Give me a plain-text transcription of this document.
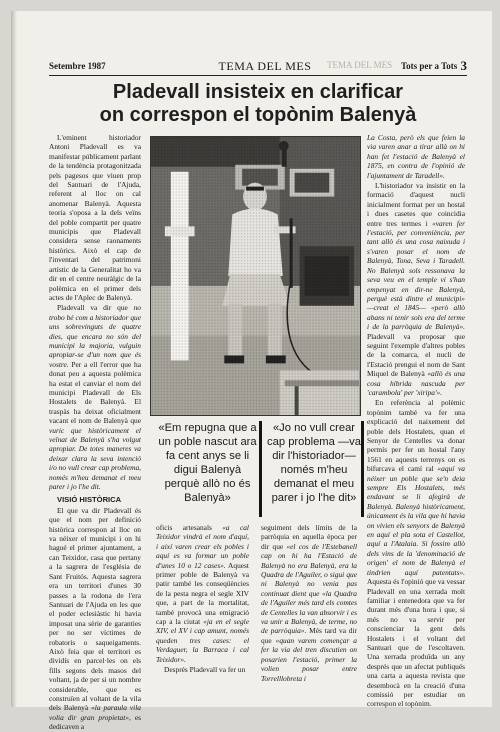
Setembre 1987	TEMA DEL MES	TEMA DEL MES Tots per a Tots 3
Pladevall insisteix en clarificar
on correspon el topònim Balenyà

L'eminent historiador Antoni Pladevall es va manifestar públicament parlant de la tendència protagonitzada pels pagesos que viuen prop del Santuari de l'Ajuda, referent al lloc on cal anomenar Balenyà. Aquesta teoria s'oposa a la dels veïns del poble compartit per quatre municipis que Pladevall considera sense raonaments històrics. Això el cap de l'inventari del patrimoni artístic de la Generalitat ho va dir en el centre neuràlgic de la polèmica en el primer dels actes de l'Aplec de Balenyà.

Pladevall va dir que no trobo bé com a historiador que uns sobrevinguts de quatre dies, que encara no són del municipi la majoria, vulguin apropiar-se d'un nom que és vostre. Per a ell l'error que ha donat peu a aquesta polèmica ha estat el canviar el nom del municipi Pladevall de Els Hostalets de Balenyà. El traspàs ha deixat oficialment vacant el nom de Balenyà que vuric que històricament el veïnat de Balenyà s'ha volgut apropiar. De totes maneres va deixar clara la seva intenció i/o no vull crear cap problema, només m'heu demanat el meu parer i jo l'he dit.

VISIÓ HISTÒRICA

El que va dir Pladevall és que el nom per definició històrica correspon al lloc on va néixer el municipi i on hi hagué el primer ajuntament, a can Teixidor, casa que pertany a la sagrera de l'església de Sant Fruitós. Aquesta sagrera era un territori d'unes 30 passes a la rodona de l'era Santuari de l'Ajuda en les que el poder eclesiàstic hi havia imposat una sèrie de garanties per no ser víctimes de robatoris o saqueigaments. Això feia que el territori es dividís en parcel·les on els fills segons dels masos del voltant, ja de per si un nombre considerable, que es construïen al voltant de la vila dels Balenyà «la paraula vila volia dir gran propietat», es dedicaven a

«Em repugna que a un poble nascut ara fa cent anys se li digui Balenyà perquè allò no és Balenyà»
«Jo no vull crear cap problema —va dir l'historiador— només m'heu demanat el meu parer i jo l'he dit»

oficis artesanals «a cal Teixidor vindrà el nom d'aquí, i així varen crear els pobles i aquí es va formar un poble d'unes 10 o 12 cases». Aquest primer poble de Balenyà va patir també les conseqüències de la pesta negra el segle XIV que, a part de la mortalitat, també provocà una emigració cap a la ciutat «ja en el segle XIV, el XV i cap amunt, només queden tres cases: el Verdaguer, la Barraca i cal Teixidor».

Després Pladevall va fer un

seguiment dels límits de la parròquia en aquella època per dir que «el cos de l'Estebanell cap on hi ha l'Estació de Balenyà no era Balenyà, era la Quadra de l'Aguiler, o sigui que ni Balenyà no venia pas continuat dient que «la Quadra de l'Aguiler més tard els comtes de Centelles la van absorvir i es va unir a Balenyà, de terme, no de parròquia». Més tard va dir que «quan varem començar a fer la via del tren discutien on posarien l'estació, primer la volien posar entre Torrelllobreta i

La Costa, però els que feien la via varen anar a tirar allà on hi han fet l'estació de Balenyà el 1875, en contra de l'opinió de l'ajuntament de Taradell».

L'historiador va insistir en la formació d'aquest nucli inicialment format per un hostal i dues casetes que coincidia entre tres termes i «varen fer l'estació, per conveniència, per tant allò és una cosa naixuda i s'varen posar el nom de Balenyà, Tona, Seva i Taradell. No Balenyà sols ressonava la seva veu en el temple vi s'han empenyat en dir-ne Balenyà, perquè està dintre el municipi» —creat el 1845— «però allò abans ni tenir sols era del terme i de la parròquia de Balenyà». Pladevall va proposar que seguint l'exemple d'altres pobles de la comarca, el nucli de l'Estació prengui el nom de Sant Miquel de Balenyà «allò és una cosa híbrida nascuda per 'carambola' per 'xiripa'».

En referència al polèmic topònim també va fer una explicació del naixement del poble dels Hostalets, quan el Senyor de Centelles va donar permís per fer un hostal l'any 1561 en aquests terrenys on es bifurcava el camí ral «aquí va néixer un poble que se'n deia sempre Els Hostalets, més endavant se li afegirà de Balenyà. Balenyà històricament, únicament és la vila que hi havia on vivien els senyors de Balenyà en aquí el pla sota el Castellot, aquí a l'Atalaia. Si fossim allò dels vins de la 'denominació de origen' el nom de Balenyà el tindrien aquí patentats». Aquesta és l'opinió que va vessar Pladevall en una xerrada molt familiar i entenedora que va fer durant més d'una hora i que, si més no va servir per conscienciar la gent dels Hostalets i el voltant del Santuari que de l'escoltaven. Una xerrada produïda un any després que un afectat publiqués una carta a aquesta revista que desembocà en la creació d'una comissió per estudiar on correspon el topònim.
